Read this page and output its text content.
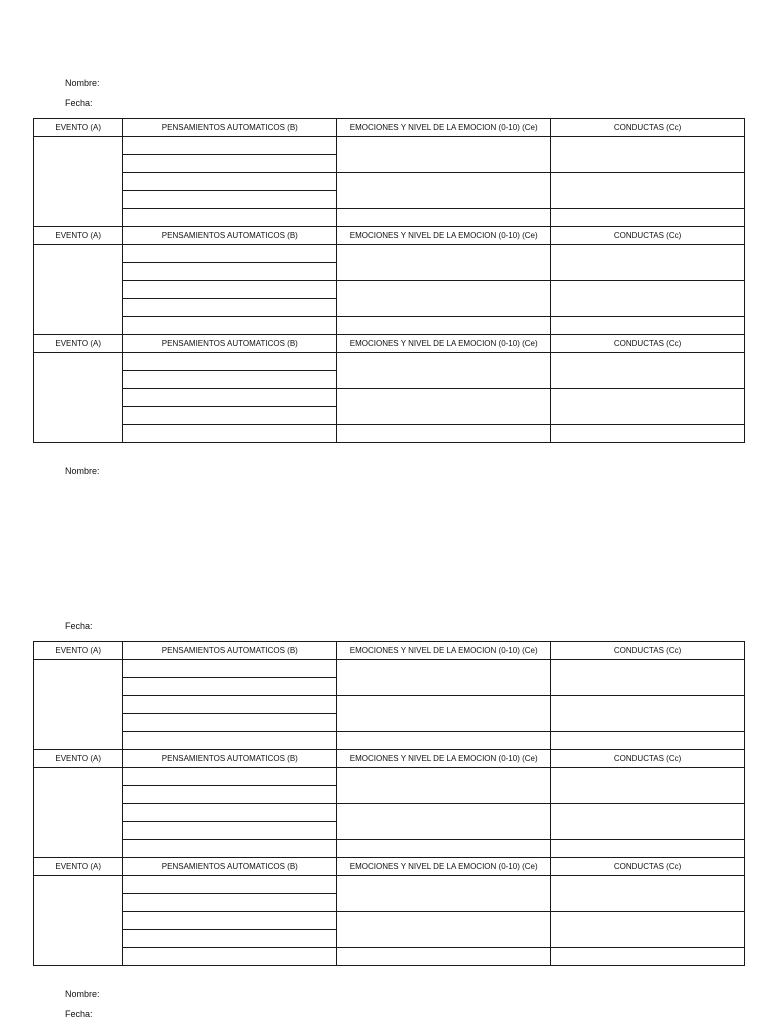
Nombre:
Fecha:
EVENTO (A)	PENSAMIENTOS AUTOMATICOS (B)	EMOCIONES Y NIVEL DE LA EMOCION (0-10) (Ce)	CONDUCTAS (Cc)

EVENTO (A)	PENSAMIENTOS AUTOMATICOS (B)	EMOCIONES Y NIVEL DE LA EMOCION (0-10) (Ce)	CONDUCTAS (Cc)

EVENTO (A)	PENSAMIENTOS AUTOMATICOS (B)	EMOCIONES Y NIVEL DE LA EMOCION (0-10) (Ce)	CONDUCTAS (Cc)

Nombre:
Fecha:
EVENTO (A)	PENSAMIENTOS AUTOMATICOS (B)	EMOCIONES Y NIVEL DE LA EMOCION (0-10) (Ce)	CONDUCTAS (Cc)

EVENTO (A)	PENSAMIENTOS AUTOMATICOS (B)	EMOCIONES Y NIVEL DE LA EMOCION (0-10) (Ce)	CONDUCTAS (Cc)

EVENTO (A)	PENSAMIENTOS AUTOMATICOS (B)	EMOCIONES Y NIVEL DE LA EMOCION (0-10) (Ce)	CONDUCTAS (Cc)

Nombre:
Fecha:
